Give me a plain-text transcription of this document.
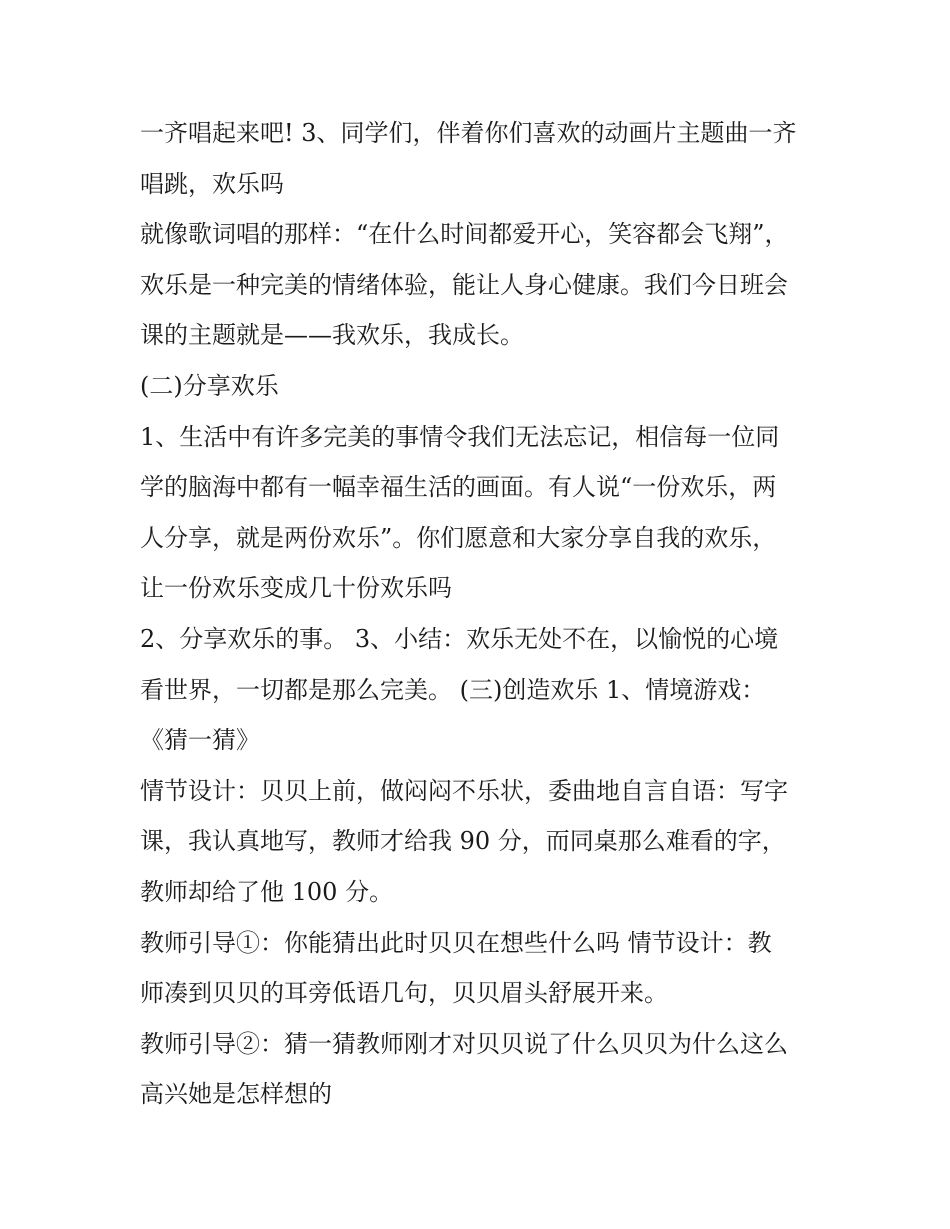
一齐唱起来吧! 3、同学们，伴着你们喜欢的动画片主题曲一齐
唱跳，欢乐吗
就像歌词唱的那样：“在什么时间都爱开心，笑容都会飞翔”，
欢乐是一种完美的情绪体验，能让人身心健康。我们今日班会
课的主题就是——我欢乐，我成长。
(二)分享欢乐
1、生活中有许多完美的事情令我们无法忘记，相信每一位同
学的脑海中都有一幅幸福生活的画面。有人说“一份欢乐，两
人分享，就是两份欢乐”。你们愿意和大家分享自我的欢乐，
让一份欢乐变成几十份欢乐吗
2、分享欢乐的事。 3、小结：欢乐无处不在，以愉悦的心境
看世界，一切都是那么完美。 (三)创造欢乐 1、情境游戏：
《猜一猜》
情节设计：贝贝上前，做闷闷不乐状，委曲地自言自语：写字
课，我认真地写，教师才给我 90 分，而同桌那么难看的字，
教师却给了他 100 分。
教师引导①：你能猜出此时贝贝在想些什么吗 情节设计：教
师凑到贝贝的耳旁低语几句，贝贝眉头舒展开来。
教师引导②：猜一猜教师刚才对贝贝说了什么贝贝为什么这么
高兴她是怎样想的
